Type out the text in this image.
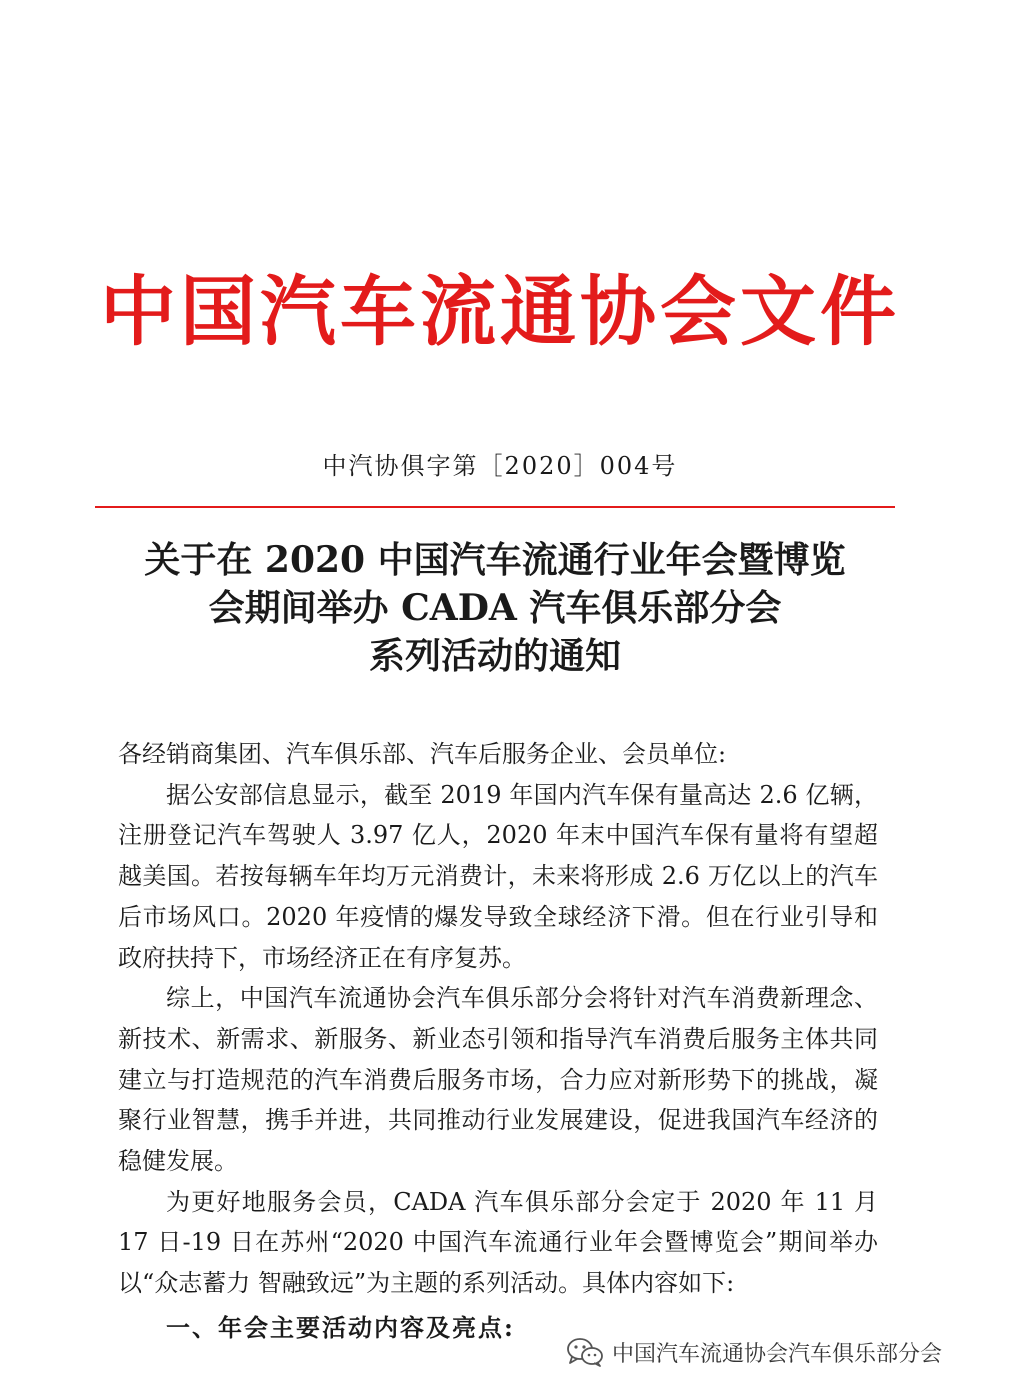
中国汽车流通协会文件
中汽协俱字第［2020］004号
关于在 2020 中国汽车流通行业年会暨博览
会期间举办 CADA 汽车俱乐部分会
系列活动的通知

各经销商集团、汽车俱乐部、汽车后服务企业、会员单位:

据公安部信息显示，截至 2019 年国内汽车保有量高达 2.6 亿辆，注册登记汽车驾驶人 3.97 亿人，2020 年末中国汽车保有量将有望超越美国。若按每辆车年均万元消费计，未来将形成 2.6 万亿以上的汽车后市场风口。2020 年疫情的爆发导致全球经济下滑。但在行业引导和政府扶持下，市场经济正在有序复苏。

综上，中国汽车流通协会汽车俱乐部分会将针对汽车消费新理念、新技术、新需求、新服务、新业态引领和指导汽车消费后服务主体共同建立与打造规范的汽车消费后服务市场，合力应对新形势下的挑战，凝聚行业智慧，携手并进，共同推动行业发展建设，促进我国汽车经济的稳健发展。

为更好地服务会员，CADA 汽车俱乐部分会定于 2020 年 11 月 17 日-19 日在苏州“2020 中国汽车流通行业年会暨博览会”期间举办以“众志蓄力 智融致远”为主题的系列活动。具体内容如下:

一、年会主要活动内容及亮点:

中国汽车流通协会汽车俱乐部分会
